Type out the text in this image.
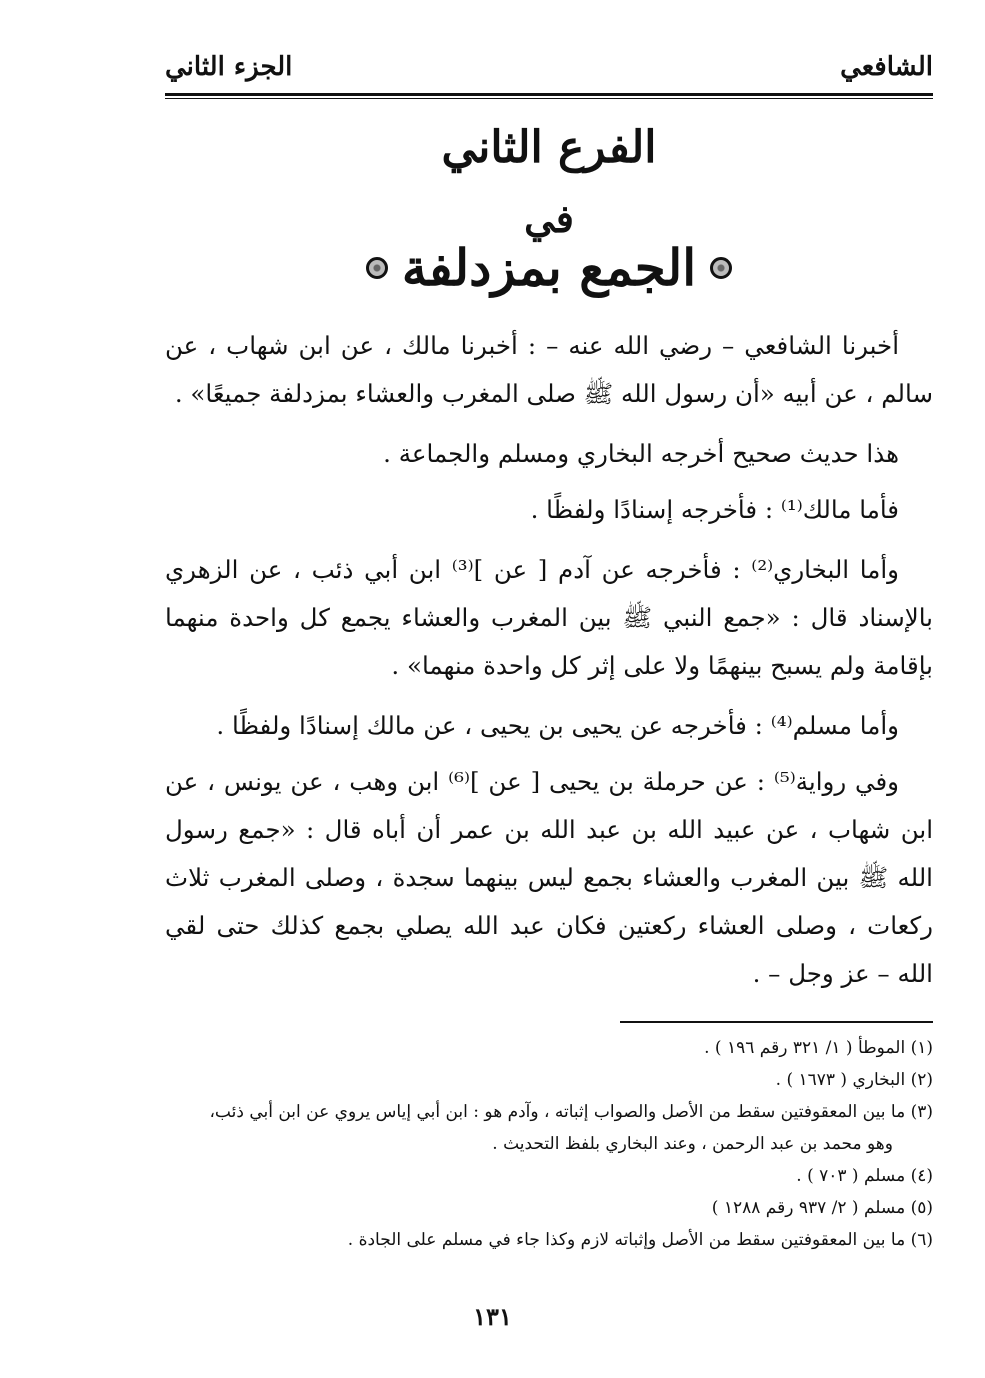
الشافعي
الجزء الثاني
الفرع الثاني
في
الجمع بمزدلفة

أخبرنا الشافعي – رضي الله عنه – : أخبرنا مالك ، عن ابن شهاب ، عن سالم ، عن أبيه «أن رسول الله ﷺ صلى المغرب والعشاء بمزدلفة جميعًا» .

هذا حديث صحيح أخرجه البخاري ومسلم والجماعة .

فأما مالك⁽¹⁾ : فأخرجه إسنادًا ولفظًا .

وأما البخاري⁽²⁾ : فأخرجه عن آدم [ عن ]⁽³⁾ ابن أبي ذئب ، عن الزهري بالإسناد قال : «جمع النبي ﷺ بين المغرب والعشاء يجمع كل واحدة منهما بإقامة ولم يسبح بينهمًا ولا على إثر كل واحدة منهما» .

وأما مسلم⁽⁴⁾ : فأخرجه عن يحيى بن يحيى ، عن مالك إسنادًا ولفظًا .

وفي رواية⁽⁵⁾ : عن حرملة بن يحيى [ عن ]⁽⁶⁾ ابن وهب ، عن يونس ، عن ابن شهاب ، عن عبيد الله بن عبد الله بن عمر أن أباه قال : «جمع رسول الله ﷺ بين المغرب والعشاء بجمع ليس بينهما سجدة ، وصلى المغرب ثلاث ركعات ، وصلى العشاء ركعتين فكان عبد الله يصلي بجمع كذلك حتى لقي الله – عز وجل – .

(١) الموطأ ( ١/ ٣٢١ رقم ١٩٦ ) .

(٢) البخاري ( ١٦٧٣ ) .

(٣) ما بين المعقوفتين سقط من الأصل والصواب إثباته ، وآدم هو : ابن أبي إياس يروي عن ابن أبي ذئب،

وهو محمد بن عبد الرحمن ، وعند البخاري بلفظ التحديث .

(٤) مسلم ( ٧٠٣ ) .

(٥) مسلم ( ٢/ ٩٣٧ رقم ١٢٨٨ )

(٦) ما بين المعقوفتين سقط من الأصل وإثباته لازم وكذا جاء في مسلم على الجادة .

١٣١
